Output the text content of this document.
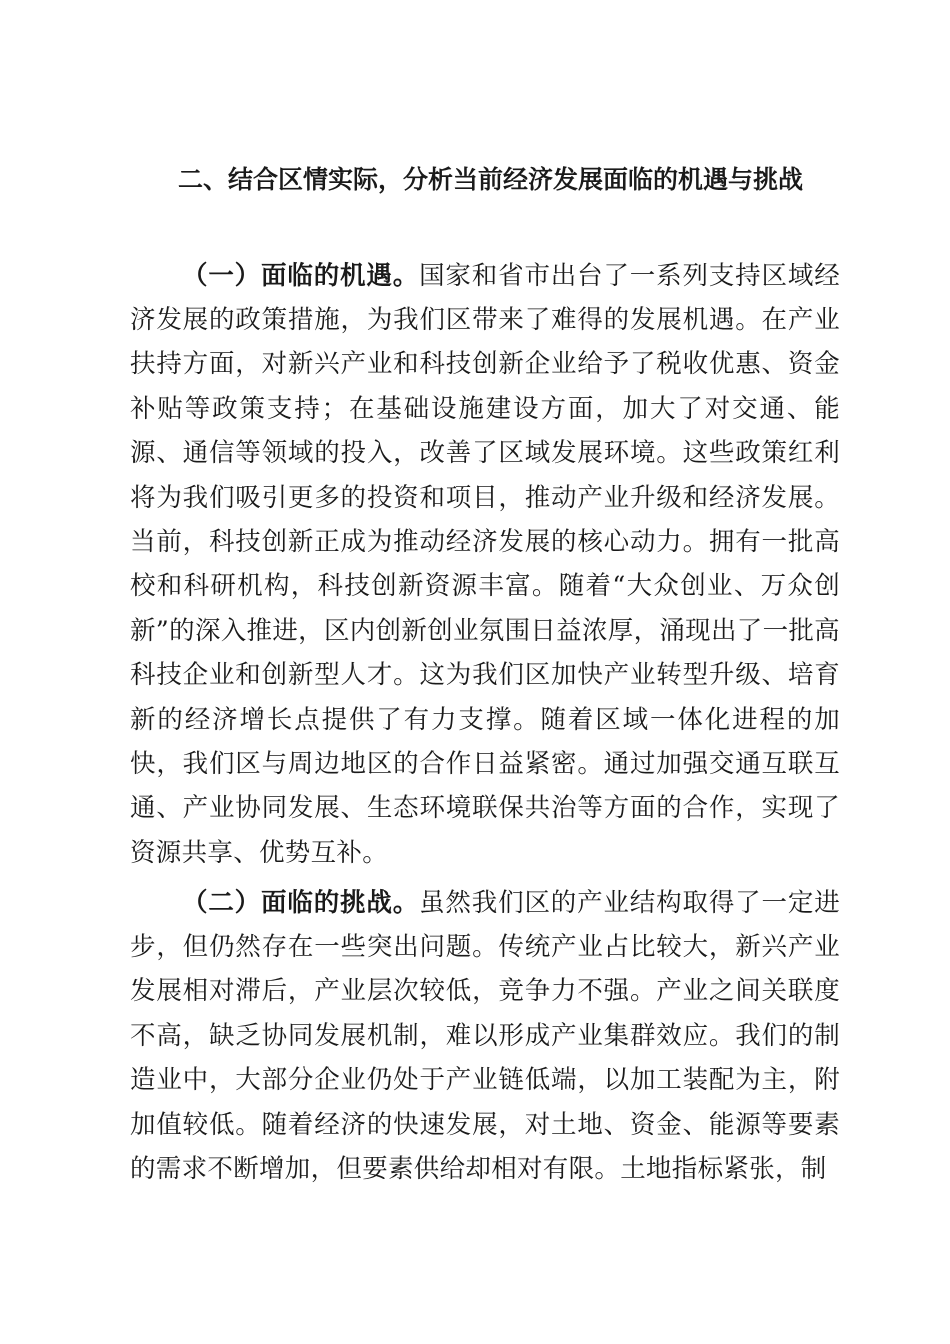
二、结合区情实际，分析当前经济发展面临的机遇与挑战

（一）面临的机遇。国家和省市出台了一系列支持区域经济发展的政策措施，为我们区带来了难得的发展机遇。在产业扶持方面，对新兴产业和科技创新企业给予了税收优惠、资金补贴等政策支持；在基础设施建设方面，加大了对交通、能源、通信等领域的投入，改善了区域发展环境。这些政策红利将为我们吸引更多的投资和项目，推动产业升级和经济发展。当前，科技创新正成为推动经济发展的核心动力。拥有一批高校和科研机构，科技创新资源丰富。随着“大众创业、万众创新”的深入推进，区内创新创业氛围日益浓厚，涌现出了一批高科技企业和创新型人才。这为我们区加快产业转型升级、培育新的经济增长点提供了有力支撑。随着区域一体化进程的加快，我们区与周边地区的合作日益紧密。通过加强交通互联互通、产业协同发展、生态环境联保共治等方面的合作，实现了资源共享、优势互补。

（二）面临的挑战。虽然我们区的产业结构取得了一定进步，但仍然存在一些突出问题。传统产业占比较大，新兴产业发展相对滞后，产业层次较低，竞争力不强。产业之间关联度不高，缺乏协同发展机制，难以形成产业集群效应。我们的制造业中，大部分企业仍处于产业链低端，以加工装配为主，附加值较低。随着经济的快速发展，对土地、资金、能源等要素的需求不断增加，但要素供给却相对有限。土地指标紧张，制
